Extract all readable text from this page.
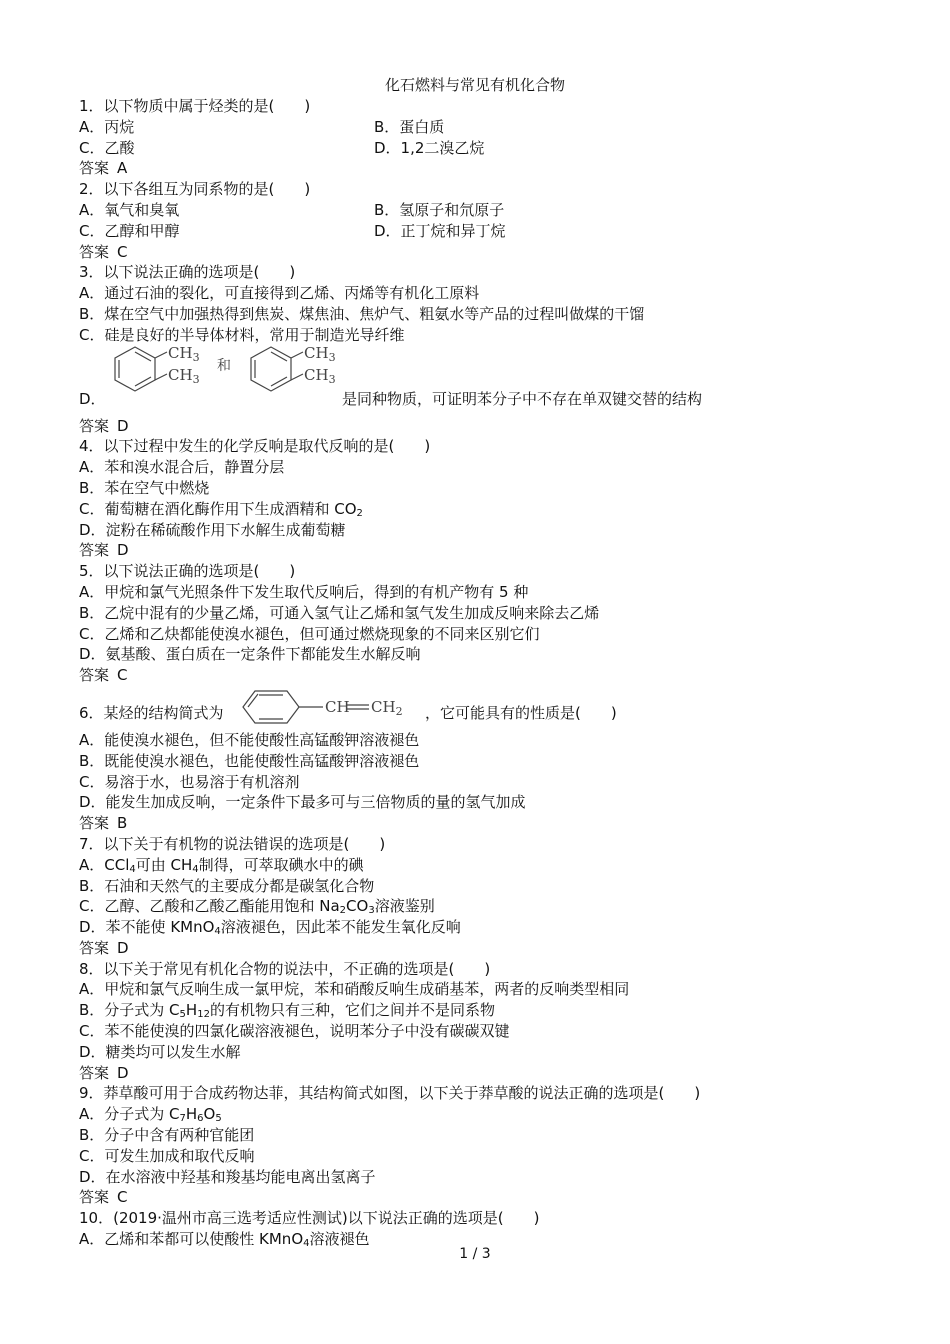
化石燃料与常见有机化合物
1．以下物质中属于烃类的是(　　)
A．丙烷	B．蛋白质
C．乙酸	D．1,2二溴乙烷
答案 A
2．以下各组互为同系物的是(　　)
A．氧气和臭氧	B．氢原子和氘原子
C．乙醇和甲醇	D．正丁烷和异丁烷
答案 C
3．以下说法正确的选项是(　　)
A．通过石油的裂化，可直接得到乙烯、丙烯等有机化工原料
B．煤在空气中加强热得到焦炭、煤焦油、焦炉气、粗氨水等产品的过程叫做煤的干馏
C．硅是良好的半导体材料，常用于制造光导纤维
D．
$CH_3$
$CH_3$
和
$CH_3$
$CH_3$
是同种物质，可证明苯分子中不存在单双键交替的结构
答案 D
4．以下过程中发生的化学反响是取代反响的是(　　)
A．苯和溴水混合后，静置分层
B．苯在空气中燃烧
C．葡萄糖在酒化酶作用下生成酒精和 $CO_2$
D．淀粉在稀硫酸作用下水解生成葡萄糖
答案 D
5．以下说法正确的选项是(　　)
A．甲烷和氯气光照条件下发生取代反响后，得到的有机产物有 5 种
B．乙烷中混有的少量乙烯，可通入氢气让乙烯和氢气发生加成反响来除去乙烯
C．乙烯和乙炔都能使溴水褪色，但可通过燃烧现象的不同来区别它们
D．氨基酸、蛋白质在一定条件下都能发生水解反响
答案 C
6．某烃的结构简式为	CH $CH_2$ ，它可能具有的性质是(　　)
A．能使溴水褪色，但不能使酸性高锰酸钾溶液褪色
B．既能使溴水褪色，也能使酸性高锰酸钾溶液褪色
C．易溶于水，也易溶于有机溶剂
D．能发生加成反响，一定条件下最多可与三倍物质的量的氢气加成
答案 B
7．以下关于有机物的说法错误的选项是(　　)
A．CCl$_4$可由 $CH_4$制得，可萃取碘水中的碘
B．石油和天然气的主要成分都是碳氢化合物
C．乙醇、乙酸和乙酸乙酯能用饱和 $Na_2CO_3$溶液鉴别
D．苯不能使 KMnO$_4$溶液褪色，因此苯不能发生氧化反响
答案 D
8．以下关于常见有机化合物的说法中，不正确的选项是(　　)
A．甲烷和氯气反响生成一氯甲烷，苯和硝酸反响生成硝基苯，两者的反响类型相同
B．分子式为 $C_5H_{12}$的有机物只有三种，它们之间并不是同系物
C．苯不能使溴的四氯化碳溶液褪色，说明苯分子中没有碳碳双键
D．糖类均可以发生水解
答案 D
9．莽草酸可用于合成药物达菲，其结构简式如图，以下关于莽草酸的说法正确的选项是(　　)
A．分子式为 $C_7H_6O_5$
B．分子中含有两种官能团
C．可发生加成和取代反响
D．在水溶液中羟基和羧基均能电离出氢离子
答案 C
10．(2019·温州市高三选考适应性测试)以下说法正确的选项是(　　)
A．乙烯和苯都可以使酸性 KMnO$_4$溶液褪色
1 / 3
